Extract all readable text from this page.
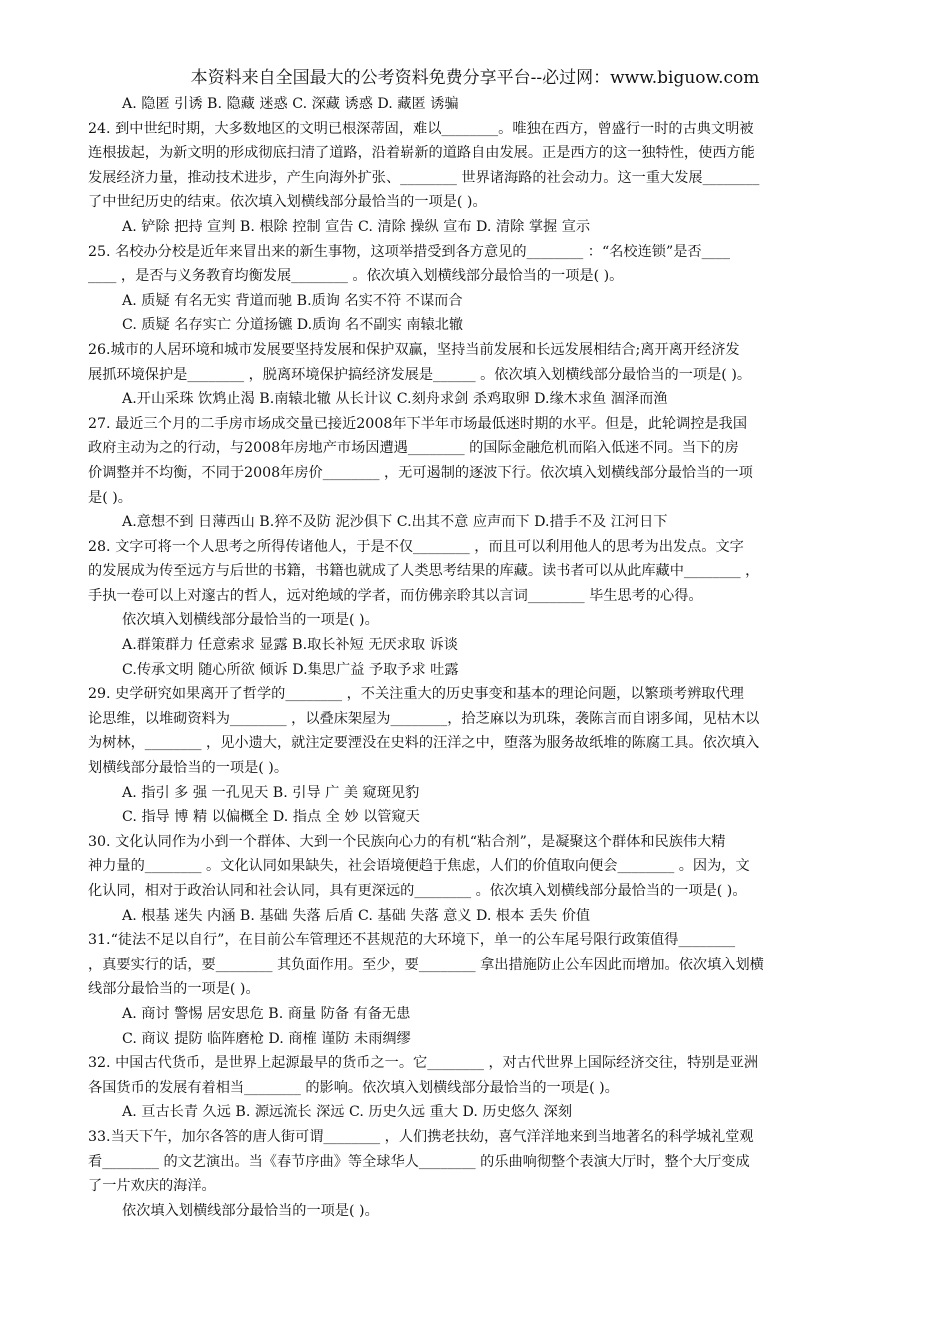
本资料来自全国最大的公考资料免费分享平台--必过网：www.biguow.com

A. 隐匿 引诱 B. 隐藏 迷惑 C. 深藏 诱惑 D. 藏匿 诱骗

24. 到中世纪时期，大多数地区的文明已根深蒂固，难以________。唯独在西方，曾盛行一时的古典文明被

连根拔起，为新文明的形成彻底扫清了道路，沿着崭新的道路自由发展。正是西方的这一独特性，使西方能

发展经济力量，推动技术进步，产生向海外扩张、________ 世界诸海路的社会动力。这一重大发展________

了中世纪历史的结束。依次填入划横线部分最恰当的一项是( )。

A. 铲除 把持 宣判 B. 根除 控制 宣告 C. 清除 操纵 宣布 D. 清除 掌握 宣示

25. 名校办分校是近年来冒出来的新生事物，这项举措受到各方意见的________ ：“名校连锁”是否____

____ ，是否与义务教育均衡发展________ 。依次填入划横线部分最恰当的一项是( )。

A. 质疑 有名无实 背道而驰 B.质询 名实不符 不谋而合

C. 质疑 名存实亡 分道扬镳 D.质询 名不副实 南辕北辙

26.城市的人居环境和城市发展要坚持发展和保护双赢，坚持当前发展和长远发展相结合;离开离开经济发

展抓环境保护是________ ，脱离环境保护搞经济发展是______ 。依次填入划横线部分最恰当的一项是( )。

A.开山采珠 饮鸩止渴 B.南辕北辙 从长计议 C.刻舟求剑 杀鸡取卵 D.缘木求鱼 涸泽而渔

27. 最近三个月的二手房市场成交量已接近2008年下半年市场最低迷时期的水平。但是，此轮调控是我国

政府主动为之的行动，与2008年房地产市场因遭遇________ 的国际金融危机而陷入低迷不同。当下的房

价调整并不均衡，不同于2008年房价________ ，无可遏制的逐波下行。依次填入划横线部分最恰当的一项

是( )。

A.意想不到 日薄西山 B.猝不及防 泥沙俱下 C.出其不意 应声而下 D.措手不及 江河日下

28. 文字可将一个人思考之所得传诸他人，于是不仅________ ，而且可以利用他人的思考为出发点。文字

的发展成为传至远方与后世的书籍，书籍也就成了人类思考结果的库藏。读书者可以从此库藏中________ ，

手执一卷可以上对邃古的哲人，远对绝域的学者，而仿佛亲聆其以言词________ 毕生思考的心得。

依次填入划横线部分最恰当的一项是( )。

A.群策群力 任意索求 显露 B.取长补短 无厌求取 诉谈

C.传承文明 随心所欲 倾诉 D.集思广益 予取予求 吐露

29. 史学研究如果离开了哲学的________ ，不关注重大的历史事变和基本的理论问题，以繁琐考辨取代理

论思维，以堆砌资料为________ ，以叠床架屋为________，拾芝麻以为玑珠，袭陈言而自诩多闻，见枯木以

为树林，________ ，见小遗大，就注定要湮没在史料的汪洋之中，堕落为服务故纸堆的陈腐工具。依次填入

划横线部分最恰当的一项是( )。

A. 指引 多 强 一孔见天 B. 引导 广 美 窥斑见豹

C. 指导 博 精 以偏概全 D. 指点 全 妙 以管窥天

30. 文化认同作为小到一个群体、大到一个民族向心力的有机“粘合剂”，是凝聚这个群体和民族伟大精

神力量的________ 。文化认同如果缺失，社会语境便趋于焦虑，人们的价值取向便会________ 。因为，文

化认同，相对于政治认同和社会认同，具有更深远的________ 。依次填入划横线部分最恰当的一项是( )。

A. 根基 迷失 内涵 B. 基础 失落 后盾 C. 基础 失落 意义 D. 根本 丢失 价值

31.“徒法不足以自行”，在目前公车管理还不甚规范的大环境下，单一的公车尾号限行政策值得________

，真要实行的话，要________ 其负面作用。至少，要________ 拿出措施防止公车因此而增加。依次填入划横

线部分最恰当的一项是( )。

A. 商讨 警惕 居安思危 B. 商量 防备 有备无患

C. 商议 提防 临阵磨枪 D. 商榷 谨防 未雨绸缪

32. 中国古代货币，是世界上起源最早的货币之一。它________ ，对古代世界上国际经济交往，特别是亚洲

各国货币的发展有着相当________ 的影响。依次填入划横线部分最恰当的一项是( )。

A. 亘古长青 久远 B. 源远流长 深远 C. 历史久远 重大 D. 历史悠久 深刻

33.当天下午，加尔各答的唐人街可谓________ ，人们携老扶幼，喜气洋洋地来到当地著名的科学城礼堂观

看________ 的文艺演出。当《春节序曲》等全球华人________ 的乐曲响彻整个表演大厅时，整个大厅变成

了一片欢庆的海洋。

依次填入划横线部分最恰当的一项是( )。
